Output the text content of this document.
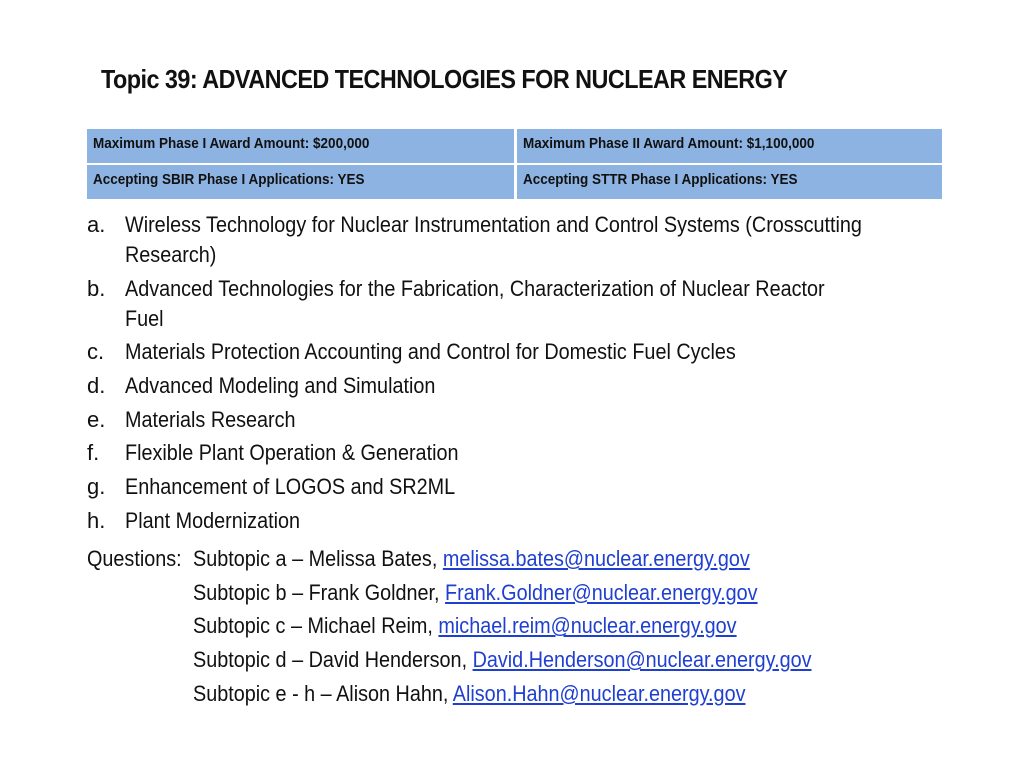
Topic 39: ADVANCED TECHNOLOGIES FOR NUCLEAR ENERGY
Maximum Phase I Award Amount: $200,000	Maximum Phase II Award Amount: $1,100,000
Accepting SBIR Phase I Applications: YES	Accepting STTR Phase I Applications: YES
a. Wireless Technology for Nuclear Instrumentation and Control Systems (Crosscutting Research)
b. Advanced Technologies for the Fabrication, Characterization of Nuclear Reactor Fuel
c. Materials Protection Accounting and Control for Domestic Fuel Cycles
d. Advanced Modeling and Simulation
e. Materials Research
f.	Flexible Plant Operation & Generation
g. Enhancement of LOGOS and SR2ML
h. Plant Modernization
Questions: Subtopic a – Melissa Bates, melissa.bates@nuclear.energy.gov
Subtopic b – Frank Goldner, Frank.Goldner@nuclear.energy.gov
Subtopic c – Michael Reim, michael.reim@nuclear.energy.gov
Subtopic d – David Henderson, David.Henderson@nuclear.energy.gov
Subtopic e - h – Alison Hahn, Alison.Hahn@nuclear.energy.gov
